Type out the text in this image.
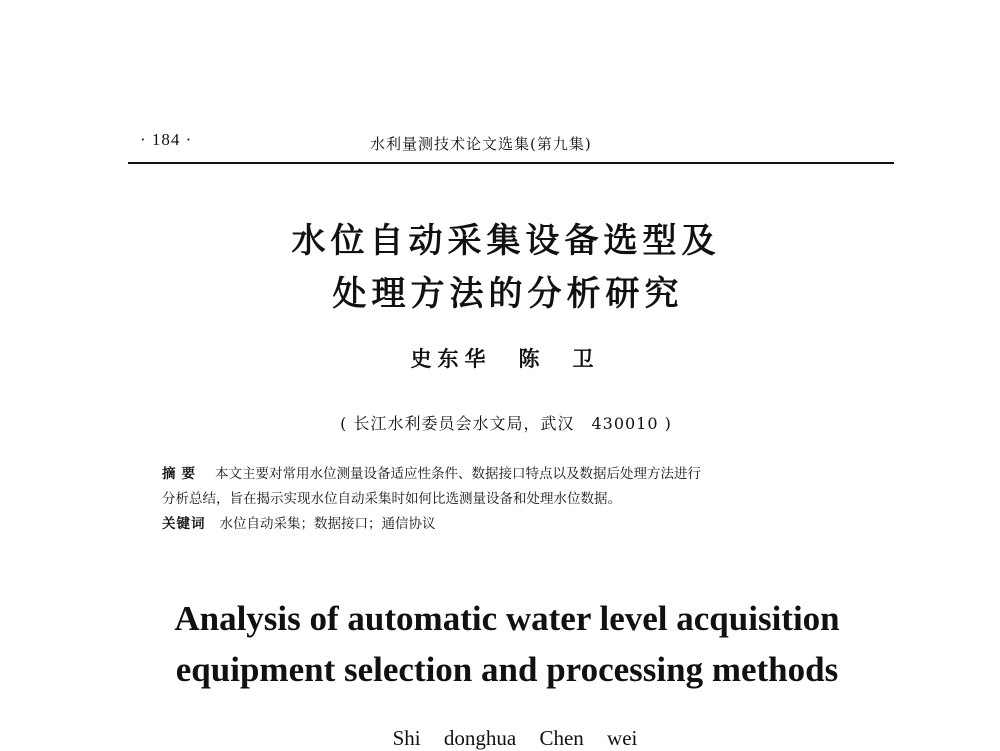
· 184 ·	水利量测技术论文选集(第九集)
水位自动采集设备选型及
处理方法的分析研究
史东华　陈　卫
( 长江水利委员会水文局，武汉　430010 )
摘要 本文主要对常用水位测量设备适应性条件、数据接口特点以及数据后处理方法进行
分析总结，旨在揭示实现水位自动采集时如何比选测量设备和处理水位数据。
关键词 水位自动采集；数据接口；通信协议
Analysis of automatic water level acquisition
equipment selection and processing methods
Shi donghua Chen wei
